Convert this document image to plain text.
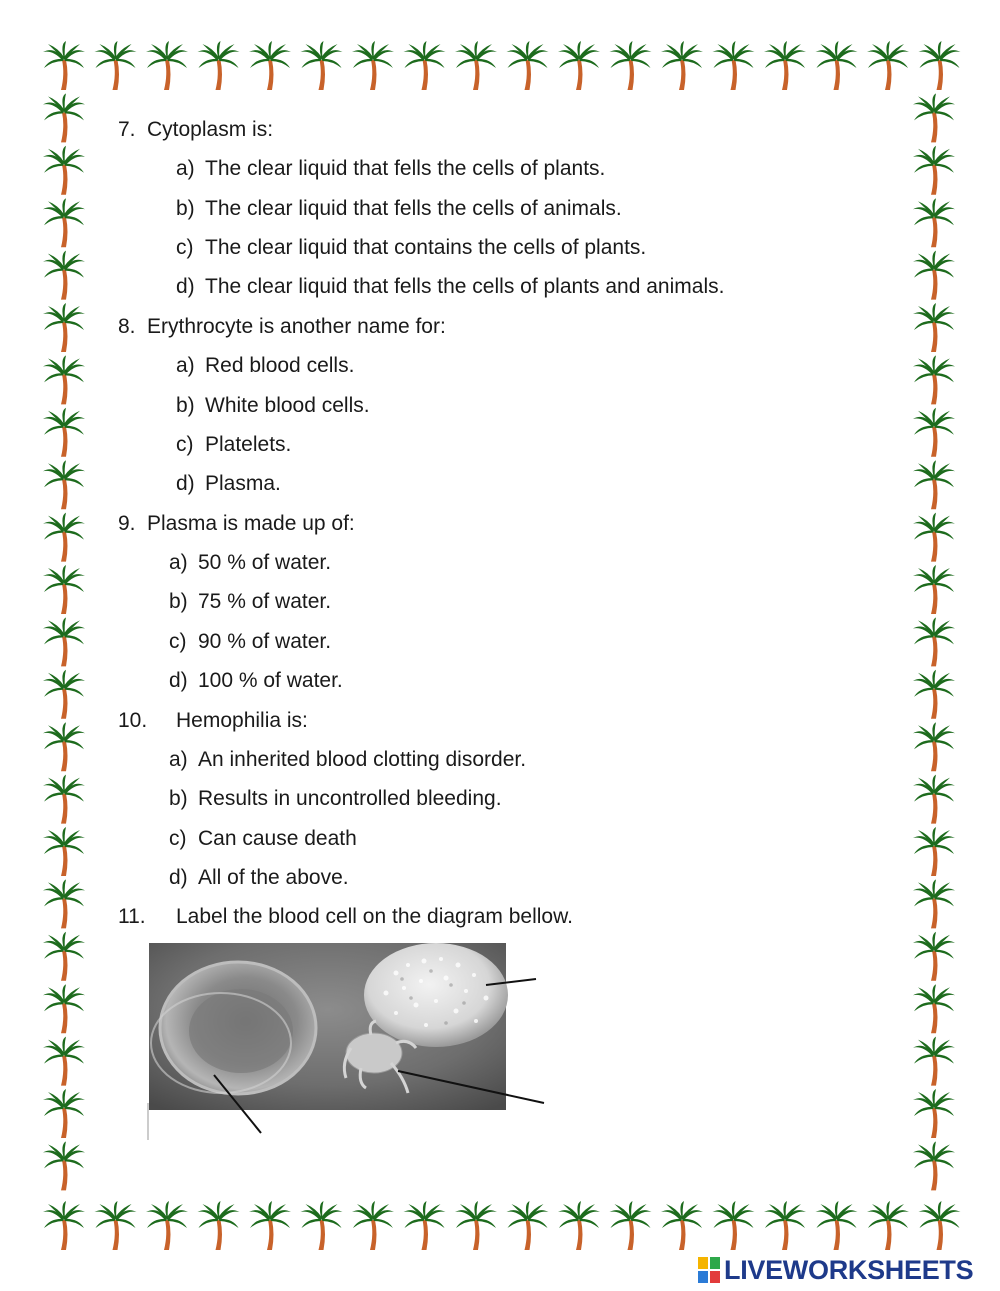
7. Cytoplasm is:
a) The clear liquid that fells the cells of plants.
b) The clear liquid that fells the cells of animals.
c) The clear liquid that contains the cells of plants.
d) The clear liquid that fells the cells of plants and animals.
8. Erythrocyte is another name for:
a) Red blood cells.
b) White blood cells.
c) Platelets.
d) Plasma.
9. Plasma is made up of:
a) 50 % of water.
b) 75 % of water.
c) 90 % of water.
d) 100 % of water.
10. Hemophilia is:
a) An inherited blood clotting disorder.
b) Results in uncontrolled bleeding.
c) Can cause death
d) All of the above.
11. Label the blood cell on the diagram bellow.
LIVEWORKSHEETS
